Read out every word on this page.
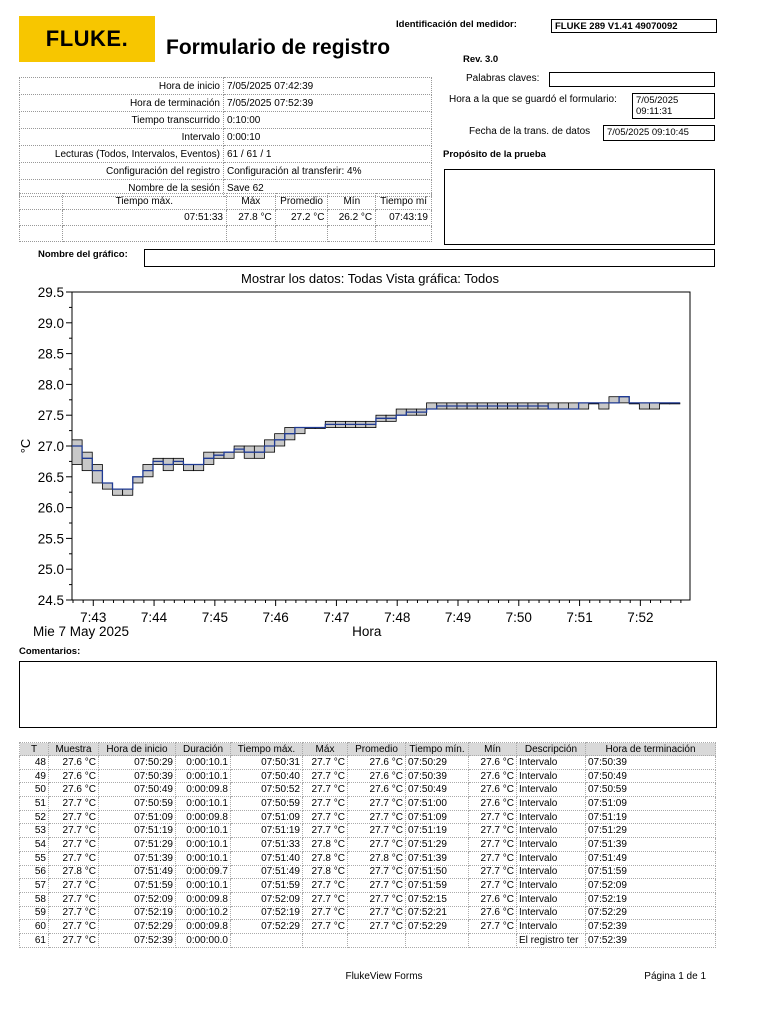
FLUKE. Formulario de registro
Identificación del medidor:	FLUKE 289 V1.41 49070092
Rev. 3.0
Palabras claves:
Hora a la que se guardó el formulario: 7/05/2025
09:11:31
Fecha de la trans. de datos	7/05/2025 09:10:45
Propósito de la prueba
Hora de inicio	7/05/2025 07:42:39
Hora de terminación	7/05/2025 07:52:39
Tiempo transcurrido	0:10:00
Intervalo	0:00:10
Lecturas (Todos, Intervalos, Eventos)	61 / 61 / 1
Configuración del registro	Configuración al transferir: 4%
Nombre de la sesión	Save 62
	Tiempo máx.	Máx	Promedio	Mín	Tiempo mí
	07:51:33	27.8 °C	27.2 °C	26.2 °C	07:43:19

Nombre del gráfico:
Mostrar los datos: Todas Vista gráfica: Todos
24.5
25.0
25.5
26.0
26.5
27.0
27.5
28.0
28.5
29.0
29.5
7:43	7:44	7:45	7:46	7:47	7:48	7:49	7:50	7:51	7:52
°C
Hora
Mie 7 May 2025
Comentarios:
T	Muestra	Hora de inicio	Duración	Tiempo máx.	Máx	Promedio	Tiempo mín.	Mín	Descripción	Hora de terminación
48	27.6 °C	07:50:29	0:00:10.1	07:50:31	27.7 °C	27.6 °C	07:50:29	27.6 °C	Intervalo	07:50:39
49	27.6 °C	07:50:39	0:00:10.1	07:50:40	27.7 °C	27.6 °C	07:50:39	27.6 °C	Intervalo	07:50:49
50	27.6 °C	07:50:49	0:00:09.8	07:50:52	27.7 °C	27.6 °C	07:50:49	27.6 °C	Intervalo	07:50:59
51	27.7 °C	07:50:59	0:00:10.1	07:50:59	27.7 °C	27.7 °C	07:51:00	27.6 °C	Intervalo	07:51:09
52	27.7 °C	07:51:09	0:00:09.8	07:51:09	27.7 °C	27.7 °C	07:51:09	27.7 °C	Intervalo	07:51:19
53	27.7 °C	07:51:19	0:00:10.1	07:51:19	27.7 °C	27.7 °C	07:51:19	27.7 °C	Intervalo	07:51:29
54	27.7 °C	07:51:29	0:00:10.1	07:51:33	27.8 °C	27.7 °C	07:51:29	27.7 °C	Intervalo	07:51:39
55	27.7 °C	07:51:39	0:00:10.1	07:51:40	27.8 °C	27.8 °C	07:51:39	27.7 °C	Intervalo	07:51:49
56	27.8 °C	07:51:49	0:00:09.7	07:51:49	27.8 °C	27.7 °C	07:51:50	27.7 °C	Intervalo	07:51:59
57	27.7 °C	07:51:59	0:00:10.1	07:51:59	27.7 °C	27.7 °C	07:51:59	27.7 °C	Intervalo	07:52:09
58	27.7 °C	07:52:09	0:00:09.8	07:52:09	27.7 °C	27.7 °C	07:52:15	27.6 °C	Intervalo	07:52:19
59	27.7 °C	07:52:19	0:00:10.2	07:52:19	27.7 °C	27.7 °C	07:52:21	27.6 °C	Intervalo	07:52:29
60	27.7 °C	07:52:29	0:00:09.8	07:52:29	27.7 °C	27.7 °C	07:52:29	27.7 °C	Intervalo	07:52:39
61	27.7 °C	07:52:39	0:00:00.0						El registro ter	07:52:39
FlukeView Forms	Página 1 de 1
